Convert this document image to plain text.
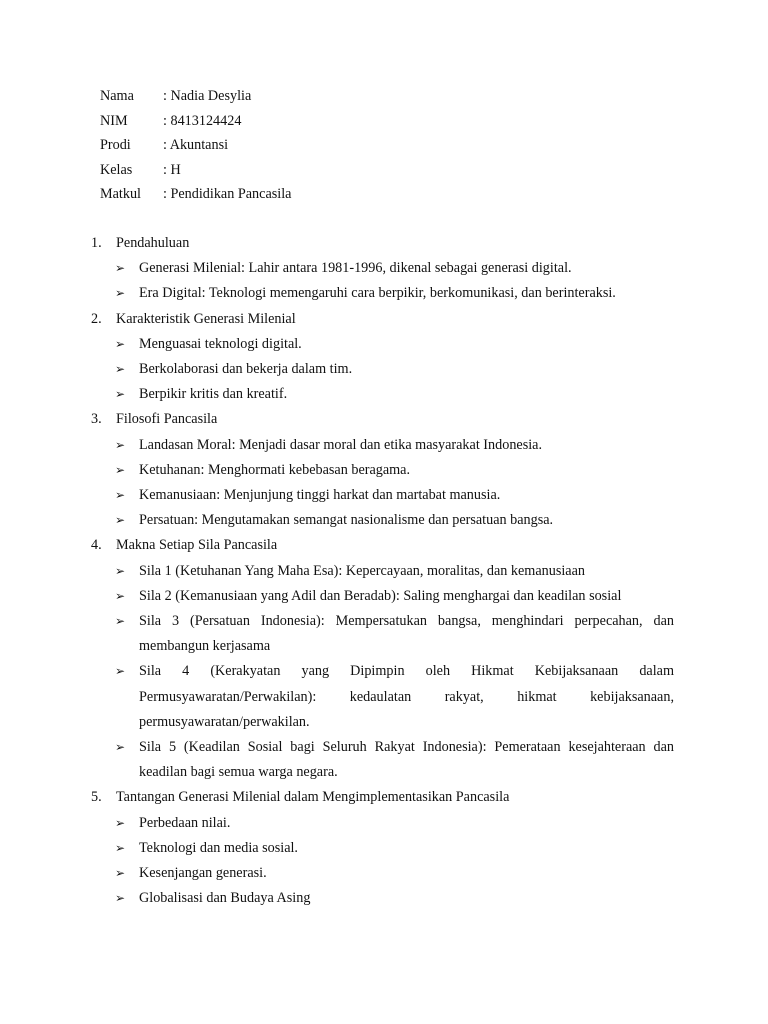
Nama : Nadia Desylia
NIM : 8413124424
Prodi : Akuntansi
Kelas : H
Matkul : Pendidikan Pancasila
1. Pendahuluan
➢ Generasi Milenial: Lahir antara 1981-1996, dikenal sebagai generasi digital.
➢ Era Digital: Teknologi memengaruhi cara berpikir, berkomunikasi, dan berinteraksi.
2. Karakteristik Generasi Milenial
➢ Menguasai teknologi digital.
➢ Berkolaborasi dan bekerja dalam tim.
➢ Berpikir kritis dan kreatif.
3. Filosofi Pancasila
➢ Landasan Moral: Menjadi dasar moral dan etika masyarakat Indonesia.
➢ Ketuhanan: Menghormati kebebasan beragama.
➢ Kemanusiaan: Menjunjung tinggi harkat dan martabat manusia.
➢ Persatuan: Mengutamakan semangat nasionalisme dan persatuan bangsa.
4. Makna Setiap Sila Pancasila
➢ Sila 1 (Ketuhanan Yang Maha Esa): Kepercayaan, moralitas, dan kemanusiaan
➢ Sila 2 (Kemanusiaan yang Adil dan Beradab): Saling menghargai dan keadilan sosial
➢ Sila 3 (Persatuan Indonesia): Mempersatukan bangsa, menghindari perpecahan, dan membangun kerjasama
➢ Sila 4 (Kerakyatan yang Dipimpin oleh Hikmat Kebijaksanaan dalam Permusyawaratan/Perwakilan): kedaulatan rakyat, hikmat kebijaksanaan, permusyawaratan/perwakilan.
➢ Sila 5 (Keadilan Sosial bagi Seluruh Rakyat Indonesia): Pemerataan kesejahteraan dan keadilan bagi semua warga negara.
5. Tantangan Generasi Milenial dalam Mengimplementasikan Pancasila
➢ Perbedaan nilai.
➢ Teknologi dan media sosial.
➢ Kesenjangan generasi.
➢ Globalisasi dan Budaya Asing
